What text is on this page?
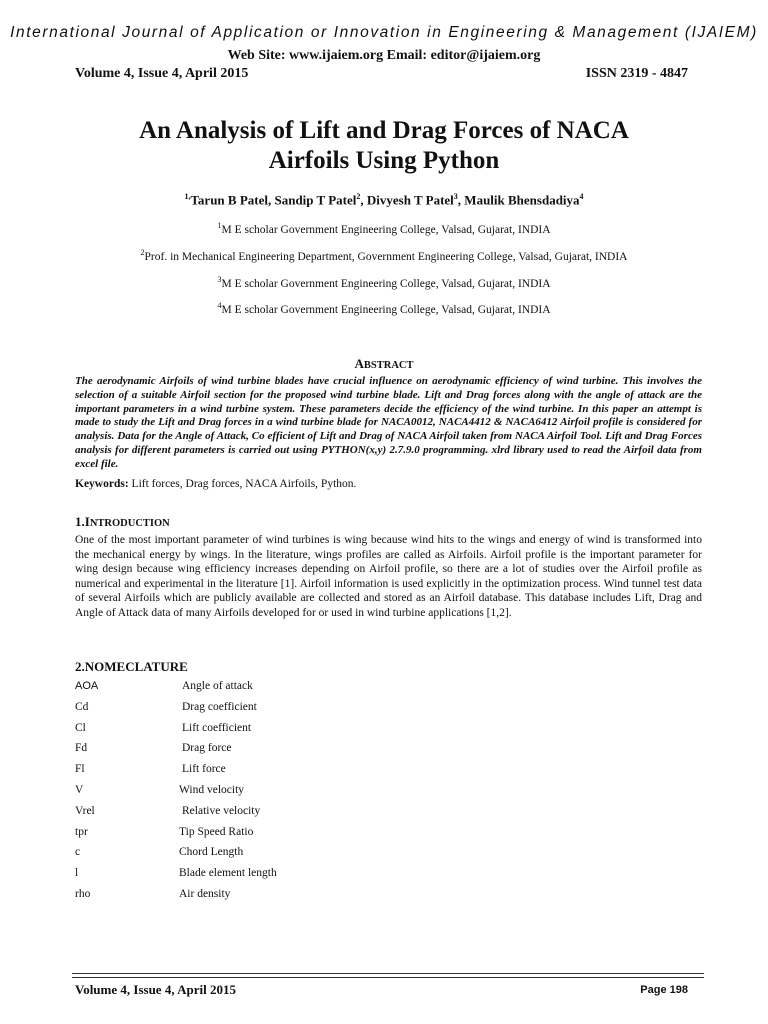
International Journal of Application or Innovation in Engineering & Management (IJAIEM)
Web Site: www.ijaiem.org Email: editor@ijaiem.org
Volume 4, Issue 4, April 2015	ISSN 2319 - 4847
An Analysis of Lift and Drag Forces of NACA
Airfoils Using Python
$^{1,}$Tarun B Patel, Sandip T Patel$^2$, Divyesh T Patel$^3$, Maulik Bhensdadiya$^4$
$^1$M E scholar Government Engineering College, Valsad, Gujarat, INDIA
$^2$Prof. in Mechanical Engineering Department, Government Engineering College, Valsad, Gujarat, INDIA
$^3$M E scholar Government Engineering College, Valsad, Gujarat, INDIA
$^4$M E scholar Government Engineering College, Valsad, Gujarat, INDIA
ABSTRACT
The aerodynamic Airfoils of wind turbine blades have crucial influence on aerodynamic efficiency of wind turbine. This involves the selection of a suitable Airfoil section for the proposed wind turbine blade. Lift and Drag forces along with the angle of attack are the important parameters in a wind turbine system. These parameters decide the efficiency of the wind turbine. In this paper an attempt is made to study the Lift and Drag forces in a wind turbine blade for NACA0012, NACA4412 & NACA6412 Airfoil profile is considered for analysis. Data for the Angle of Attack, Co efficient of Lift and Drag of NACA Airfoil taken from NACA Airfoil Tool. Lift and Drag Forces analysis for different parameters is carried out using PYTHON(x,y) 2.7.9.0 programming. xlrd library used to read the Airfoil data from excel file.
Keywords: Lift forces, Drag forces, NACA Airfoils, Python.
1.INTRODUCTION
One of the most important parameter of wind turbines is wing because wind hits to the wings and energy of wind is transformed into the mechanical energy by wings. In the literature, wings profiles are called as Airfoils. Airfoil profile is the important parameter for wing design because wing efficiency increases depending on Airfoil profile, so there are a lot of studies over the Airfoil profile as numerical and experimental in the literature [1]. Airfoil information is used explicitly in the optimization process. Wind tunnel test data of several Airfoils which are publicly available are collected and stored as an Airfoil database. This database includes Lift, Drag and Angle of Attack data of many Airfoils developed for or used in wind turbine applications [1,2].
2.NOMECLATURE
AOA	Angle of attack
Cd	Drag coefficient
Cl	Lift coefficient
Fd	Drag force
Fl	Lift force
V	Wind velocity
Vrel	Relative velocity
tpr	Tip Speed Ratio
c	Chord Length
l	Blade element length
rho	Air density
Volume 4, Issue 4, April 2015	Page 198
